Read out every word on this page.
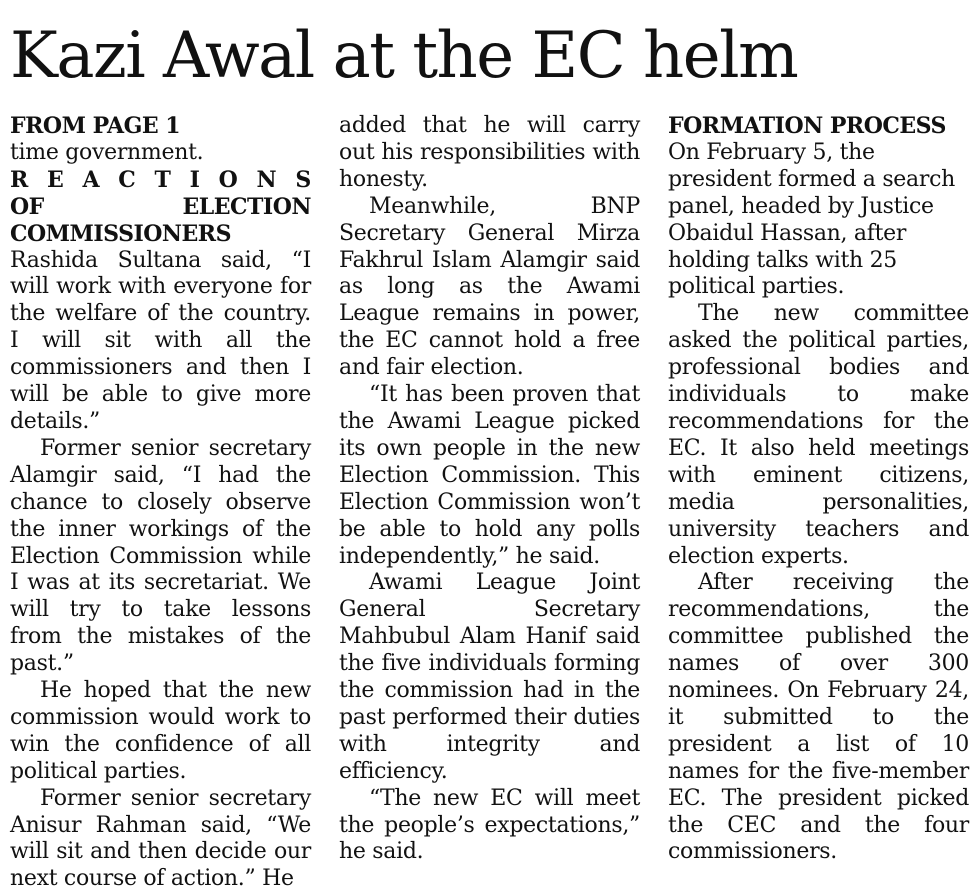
Kazi Awal at the EC helm
FROM PAGE 1

time government.

R E A C T I O N S
OF ELECTION
COMMISSIONERS

Rashida Sultana said, “I will work with everyone for the welfare of the country. I will sit with all the commissioners and then I will be able to give more details.”

Former senior secretary Alamgir said, “I had the chance to closely observe the inner workings of the Election Commission while I was at its secretariat. We will try to take lessons from the mistakes of the past.”

He hoped that the new commission would work to win the confidence of all political parties.

Former senior secretary Anisur Rahman said, “We will sit and then decide our next course of action.” He

added that he will carry out his responsibilities with honesty.

Meanwhile, BNP Secretary General Mirza Fakhrul Islam Alamgir said as long as the Awami League remains in power, the EC cannot hold a free and fair election.

“It has been proven that the Awami League picked its own people in the new Election Commission. This Election Commission won’t be able to hold any polls independently,” he said.

Awami League Joint General Secretary Mahbubul Alam Hanif said the five individuals forming the commission had in the past performed their duties with integrity and efficiency.

“The new EC will meet the people’s expectations,” he said.

FORMATION PROCESS

On February 5, the president formed a search panel, headed by Justice Obaidul Hassan, after holding talks with 25 political parties.

The new committee asked the political parties, professional bodies and individuals to make recommendations for the EC. It also held meetings with eminent citizens, media personalities, university teachers and election experts.

After receiving the recommendations, the committee published the names of over 300 nominees. On February 24, it submitted to the president a list of 10 names for the five-member EC. The president picked the CEC and the four commissioners.
